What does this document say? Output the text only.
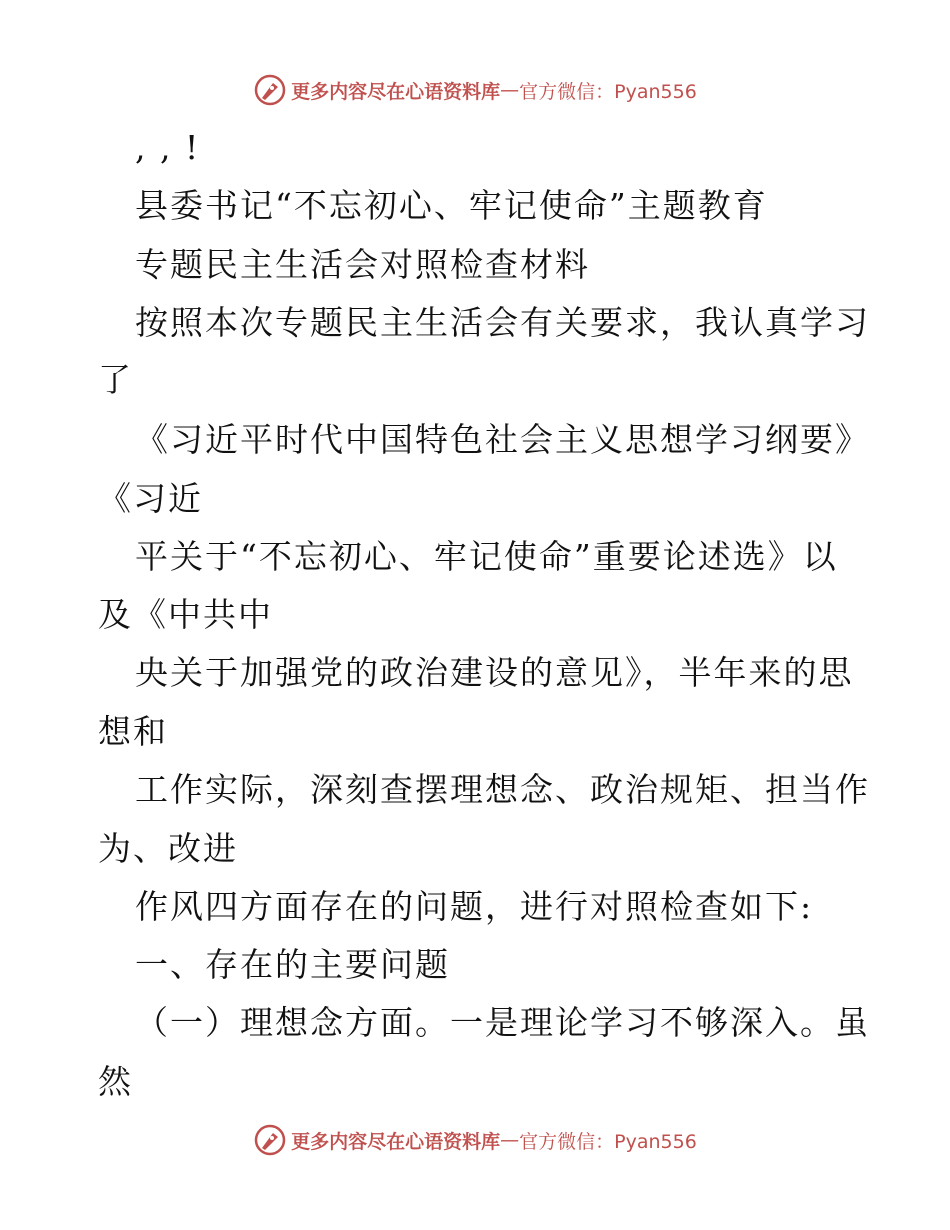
更多内容尽在心语资料库 — 官方微信：Pyan556
, , !
县委书记“不忘初心、牢记使命”主题教育
专题民主生活会对照检查材料
按照本次专题民主生活会有关要求，我认真学习
了
《习近平时代中国特色社会主义思想学习纲要》
《习近
平关于“不忘初心、牢记使命”重要论述选》以
及《中共中
央关于加强党的政治建设的意见》，半年来的思
想和
工作实际，深刻查摆理想念、政治规矩、担当作
为、改进
作风四方面存在的问题，进行对照检查如下:
一、存在的主要问题
（一）理想念方面。一是理论学习不够深入。虽
然
更多内容尽在心语资料库 — 官方微信：Pyan556
